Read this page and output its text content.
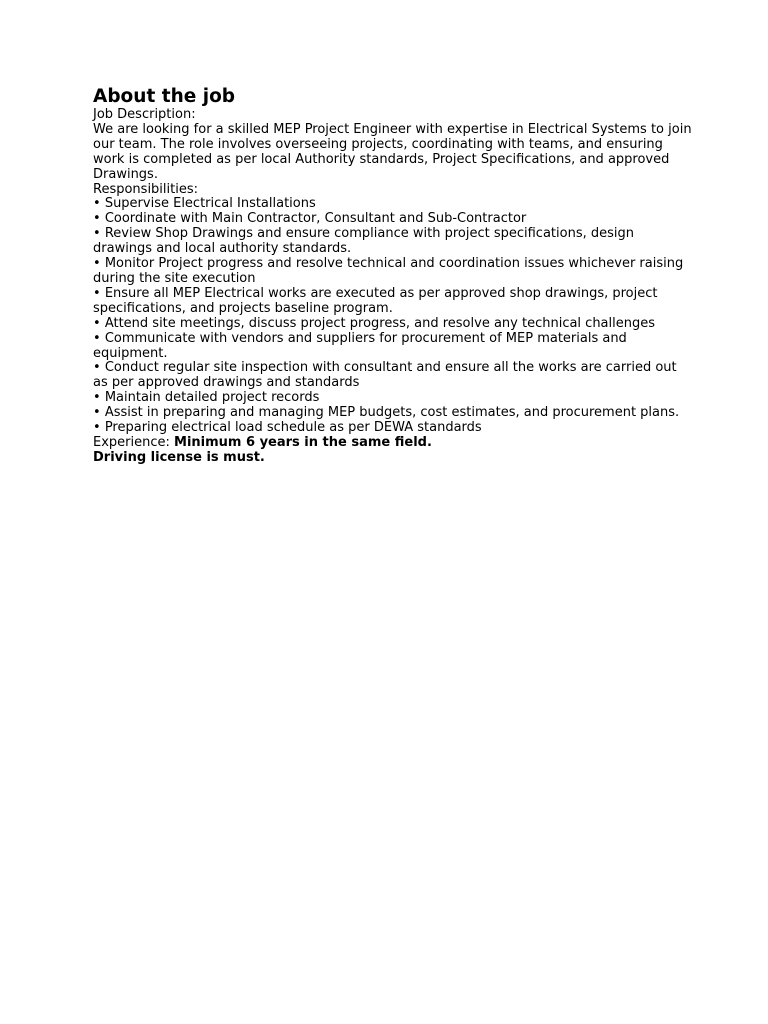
About the job
Job Description:
We are looking for a skilled MEP Project Engineer with expertise in Electrical Systems to join our team. The role involves overseeing projects, coordinating with teams, and ensuring work is completed as per local Authority standards, Project Specifications, and approved Drawings.
Responsibilities:
• Supervise Electrical Installations
• Coordinate with Main Contractor, Consultant and Sub-Contractor
• Review Shop Drawings and ensure compliance with project specifications, design drawings and local authority standards.
• Monitor Project progress and resolve technical and coordination issues whichever raising during the site execution
• Ensure all MEP Electrical works are executed as per approved shop drawings, project specifications, and projects baseline program.
• Attend site meetings, discuss project progress, and resolve any technical challenges
• Communicate with vendors and suppliers for procurement of MEP materials and equipment.
• Conduct regular site inspection with consultant and ensure all the works are carried out as per approved drawings and standards
• Maintain detailed project records
• Assist in preparing and managing MEP budgets, cost estimates, and procurement plans.
• Preparing electrical load schedule as per DEWA standards
Experience: Minimum 6 years in the same field.
Driving license is must.
